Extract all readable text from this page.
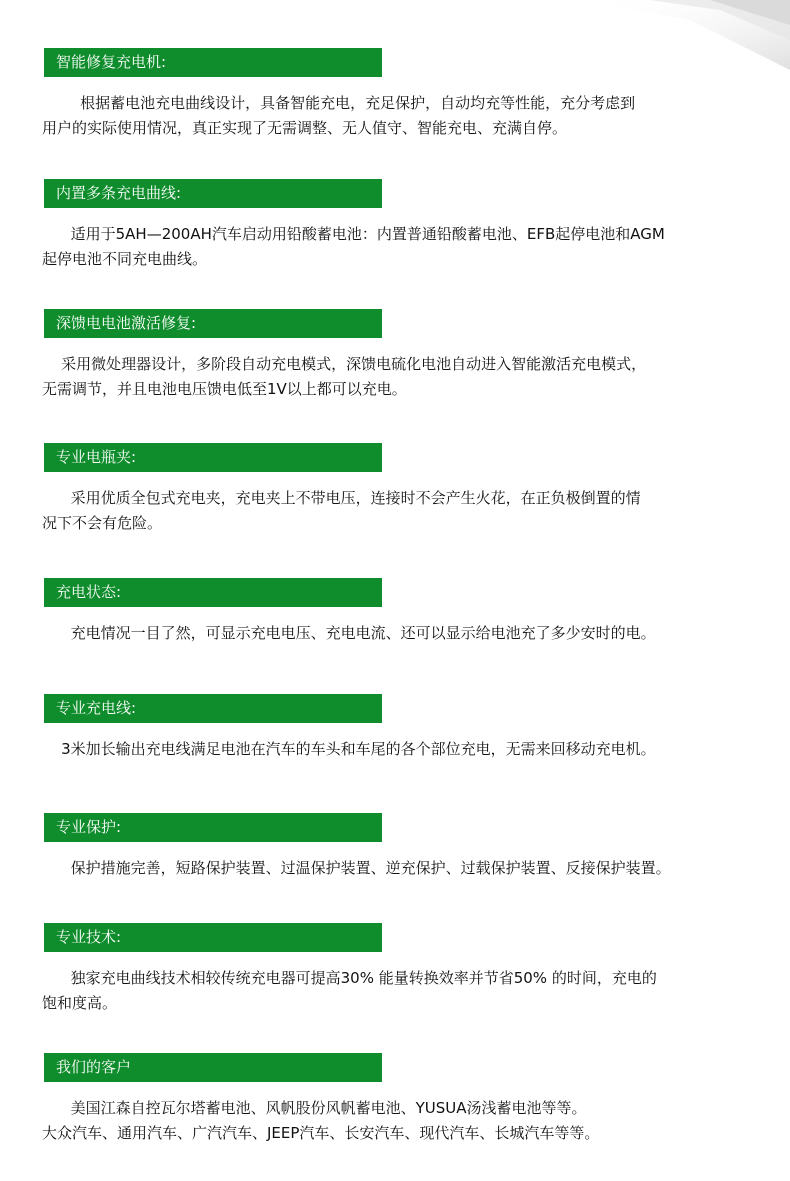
智能修复充电机:

根据蓄电池充电曲线设计，具备智能充电，充足保护，自动均充等性能，充分考虑到

用户的实际使用情况，真正实现了无需调整、无人值守、智能充电、充满自停。

内置多条充电曲线:

适用于5AH—200AH汽车启动用铅酸蓄电池：内置普通铅酸蓄电池、EFB起停电池和AGM

起停电池不同充电曲线。

深馈电电池激活修复:

采用微处理器设计，多阶段自动充电模式，深馈电硫化电池自动进入智能激活充电模式，

无需调节，并且电池电压馈电低至1V以上都可以充电。

专业电瓶夹:

采用优质全包式充电夹，充电夹上不带电压，连接时不会产生火花，在正负极倒置的情

况下不会有危险。

充电状态:

充电情况一目了然，可显示充电电压、充电电流、还可以显示给电池充了多少安时的电。

专业充电线:

3米加长输出充电线满足电池在汽车的车头和车尾的各个部位充电，无需来回移动充电机。

专业保护:

保护措施完善，短路保护装置、过温保护装置、逆充保护、过载保护装置、反接保护装置。

专业技术:

独家充电曲线技术相较传统充电器可提高30% 能量转换效率并节省50% 的时间，充电的

饱和度高。

我们的客户

美国江森自控瓦尔塔蓄电池、风帆股份风帆蓄电池、YUSUA汤浅蓄电池等等。

大众汽车、通用汽车、广汽汽车、JEEP汽车、长安汽车、现代汽车、长城汽车等等。
